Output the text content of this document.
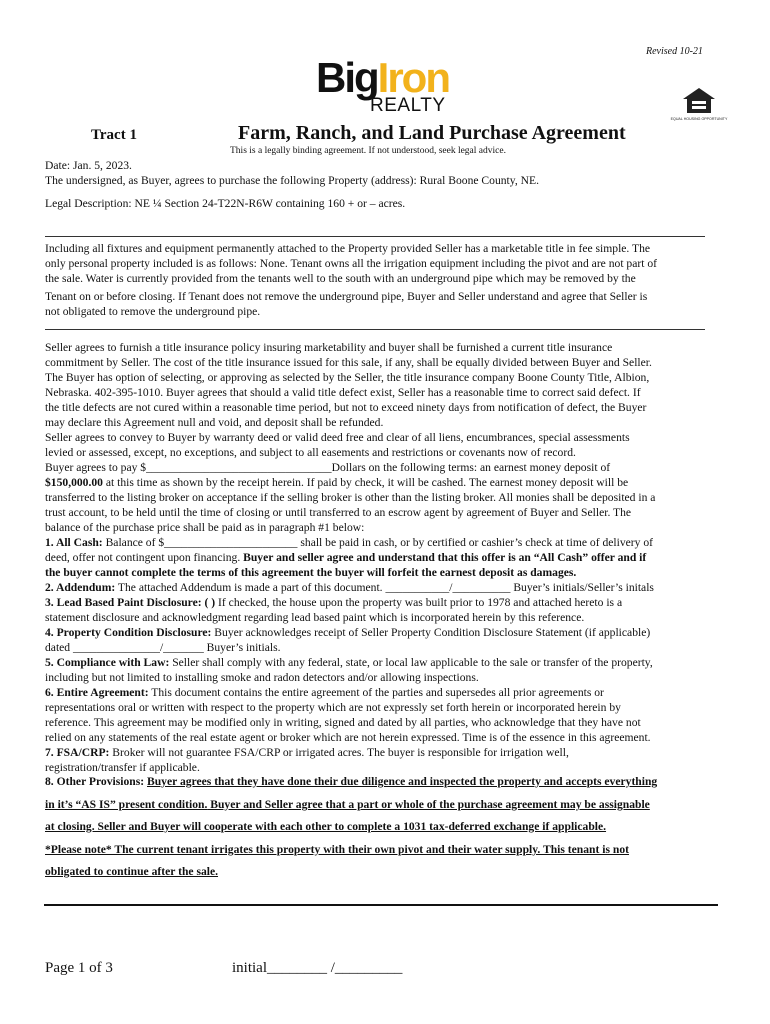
Revised 10-21
BigIron
REALTY
EQUAL HOUSING OPPORTUNITY
Tract 1	Farm, Ranch, and Land Purchase Agreement
This is a legally binding agreement. If not understood, seek legal advice.
Date: Jan. 5, 2023.
The undersigned, as Buyer, agrees to purchase the following Property (address): Rural Boone County, NE.
Legal Description: NE ¼ Section 24-T22N-R6W containing 160 + or – acres.
Including all fixtures and equipment permanently attached to the Property provided Seller has a marketable title in fee simple. The
only personal property included is as follows: None. Tenant owns all the irrigation equipment including the pivot and are not part of
the sale. Water is currently provided from the tenants well to the south with an underground pipe which may be removed by the
Tenant on or before closing. If Tenant does not remove the underground pipe, Buyer and Seller understand and agree that Seller is
not obligated to remove the underground pipe.
Seller agrees to furnish a title insurance policy insuring marketability and buyer shall be furnished a current title insurance
commitment by Seller. The cost of the title insurance issued for this sale, if any, shall be equally divided between Buyer and Seller.
The Buyer has option of selecting, or approving as selected by the Seller, the title insurance company Boone County Title, Albion,
Nebraska. 402-395-1010. Buyer agrees that should a valid title defect exist, Seller has a reasonable time to correct said defect. If
the title defects are not cured within a reasonable time period, but not to exceed ninety days from notification of defect, the Buyer
may declare this Agreement null and void, and deposit shall be refunded.
Seller agrees to convey to Buyer by warranty deed or valid deed free and clear of all liens, encumbrances, special assessments
levied or assessed, except, no exceptions, and subject to all easements and restrictions or covenants now of record.
Buyer agrees to pay $________________________________Dollars on the following terms: an earnest money deposit of
$150,000.00 at this time as shown by the receipt herein. If paid by check, it will be cashed. The earnest money deposit will be
transferred to the listing broker on acceptance if the selling broker is other than the listing broker. All monies shall be deposited in a
trust account, to be held until the time of closing or until transferred to an escrow agent by agreement of Buyer and Seller. The
balance of the purchase price shall be paid as in paragraph #1 below:
1. All Cash: Balance of $_______________________ shall be paid in cash, or by certified or cashier’s check at time of delivery of
deed, offer not contingent upon financing. Buyer and seller agree and understand that this offer is an “All Cash” offer and if
the buyer cannot complete the terms of this agreement the buyer will forfeit the earnest deposit as damages.
2. Addendum: The attached Addendum is made a part of this document. ___________/__________ Buyer’s initials/Seller’s initals
3. Lead Based Paint Disclosure: ( ) If checked, the house upon the property was built prior to 1978 and attached hereto is a
statement disclosure and acknowledgment regarding lead based paint which is incorporated herein by this reference.
4. Property Condition Disclosure: Buyer acknowledges receipt of Seller Property Condition Disclosure Statement (if applicable)
dated _______________/_______ Buyer’s initials.
5. Compliance with Law: Seller shall comply with any federal, state, or local law applicable to the sale or transfer of the property,
including but not limited to installing smoke and radon detectors and/or allowing inspections.
6. Entire Agreement: This document contains the entire agreement of the parties and supersedes all prior agreements or
representations oral or written with respect to the property which are not expressly set forth herein or incorporated herein by
reference. This agreement may be modified only in writing, signed and dated by all parties, who acknowledge that they have not
relied on any statements of the real estate agent or broker which are not herein expressed. Time is of the essence in this agreement.
7. FSA/CRP: Broker will not guarantee FSA/CRP or irrigated acres. The buyer is responsible for irrigation well,
registration/transfer if applicable.
8. Other Provisions: Buyer agrees that they have done their due diligence and inspected the property and accepts everything
in it’s “AS IS” present condition. Buyer and Seller agree that a part or whole of the purchase agreement may be assignable
at closing. Seller and Buyer will cooperate with each other to complete a 1031 tax-deferred exchange if applicable.
*Please note* The current tenant irrigates this property with their own pivot and their water supply. This tenant is not
obligated to continue after the sale.
Page 1 of 3	initial________ /_________
